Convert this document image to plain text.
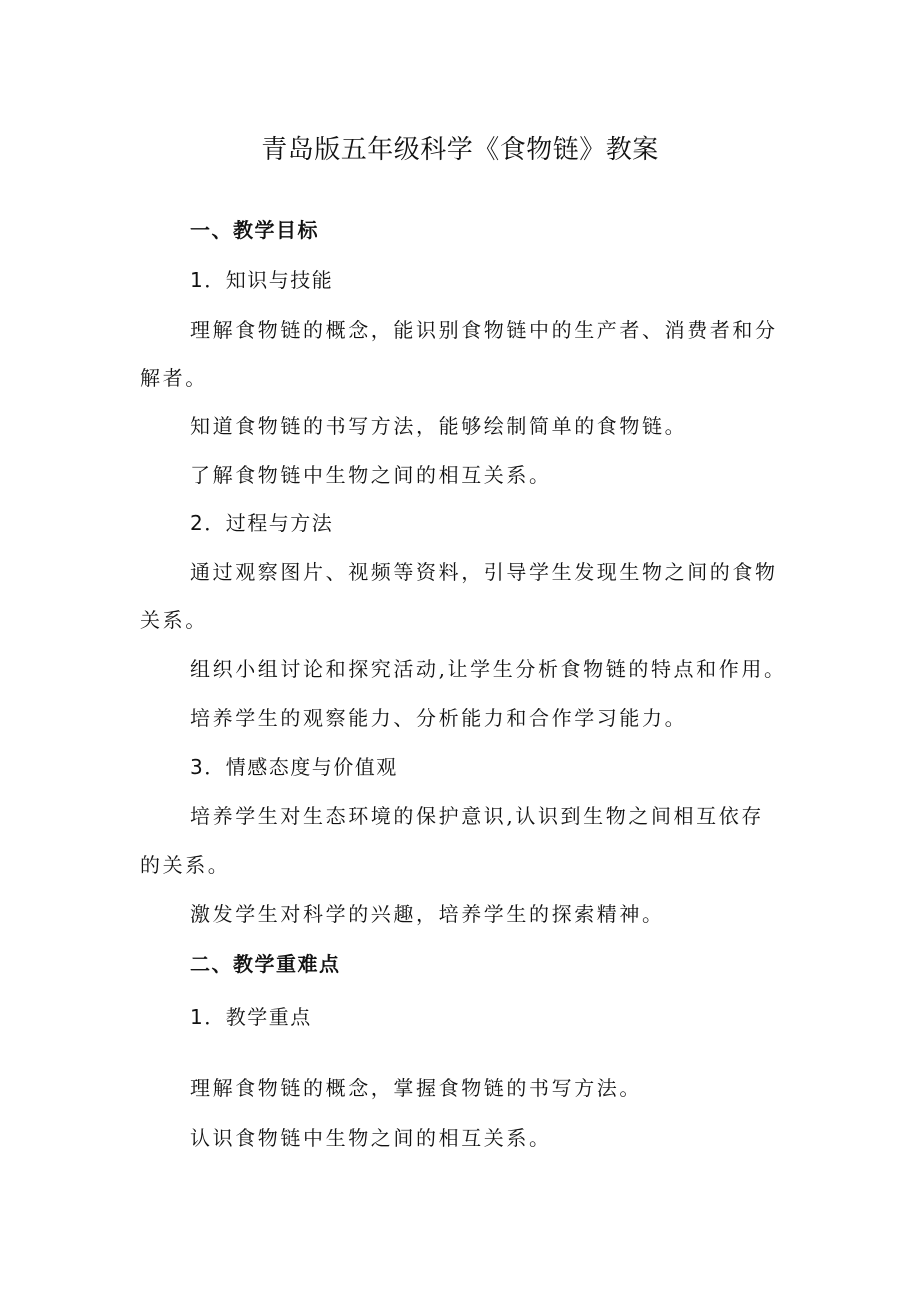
青岛版五年级科学《食物链》教案
一、教学目标
1．知识与技能
理解食物链的概念，能识别食物链中的生产者、消费者和分
解者。
知道食物链的书写方法，能够绘制简单的食物链。
了解食物链中生物之间的相互关系。
2．过程与方法
通过观察图片、视频等资料，引导学生发现生物之间的食物
关系。
组织小组讨论和探究活动,让学生分析食物链的特点和作用。
培养学生的观察能力、分析能力和合作学习能力。
3．情感态度与价值观
培养学生对生态环境的保护意识,认识到生物之间相互依存
的关系。
激发学生对科学的兴趣，培养学生的探索精神。
二、教学重难点
1．教学重点
理解食物链的概念，掌握食物链的书写方法。
认识食物链中生物之间的相互关系。
